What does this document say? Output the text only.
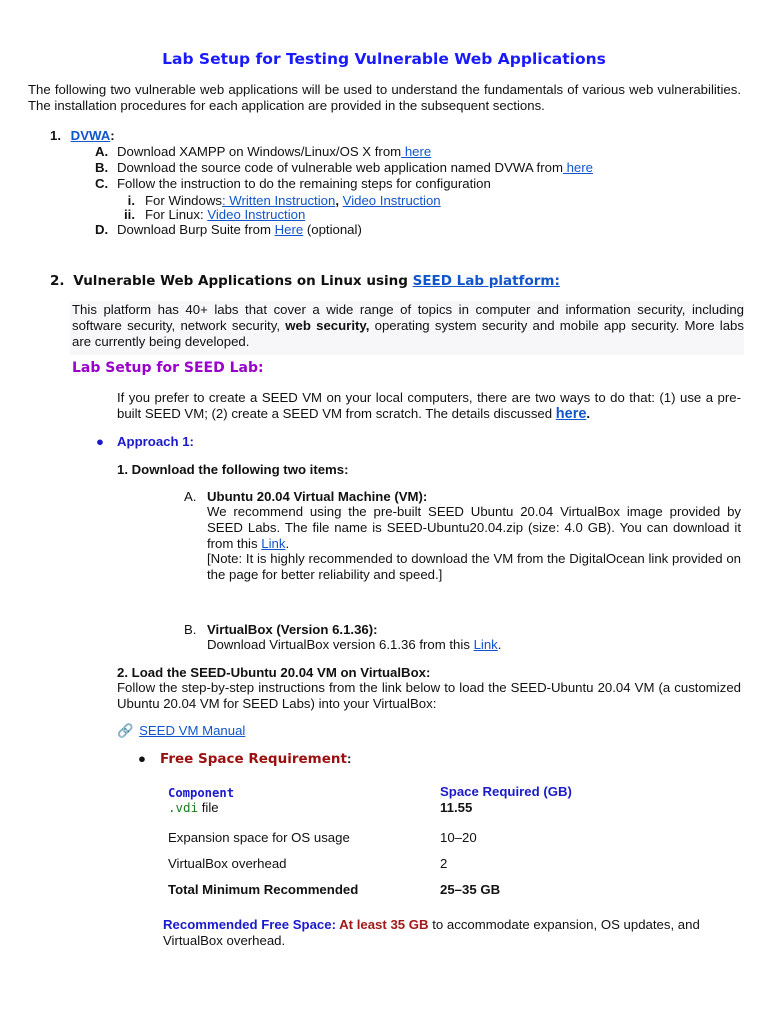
Lab Setup for Testing Vulnerable Web Applications
The following two vulnerable web applications will be used to understand the fundamentals of various web vulnerabilities. The installation procedures for each application are provided in the subsequent sections.
1. DVWA:
A. Download XAMPP on Windows/Linux/OS X from here
B. Download the source code of vulnerable web application named DVWA from here
C. Follow the instruction to do the remaining steps for configuration
i. For Windows: Written Instruction, Video Instruction
ii. For Linux: Video Instruction
D. Download Burp Suite from Here (optional)
2. Vulnerable Web Applications on Linux using SEED Lab platform:
This platform has 40+ labs that cover a wide range of topics in computer and information security, including software security, network security, web security, operating system security and mobile app security. More labs are currently being developed.
Lab Setup for SEED Lab:
If you prefer to create a SEED VM on your local computers, there are two ways to do that: (1) use a pre-built SEED VM; (2) create a SEED VM from scratch. The details discussed here.
● Approach 1:
1. Download the following two items:
A. Ubuntu 20.04 Virtual Machine (VM):
We recommend using the pre-built SEED Ubuntu 20.04 VirtualBox image provided by SEED Labs. The file name is SEED-Ubuntu20.04.zip (size: 4.0 GB). You can download it from this Link.
[Note: It is highly recommended to download the VM from the DigitalOcean link provided on the page for better reliability and speed.]
B. VirtualBox (Version 6.1.36):
Download VirtualBox version 6.1.36 from this Link.
2. Load the SEED-Ubuntu 20.04 VM on VirtualBox:
Follow the step-by-step instructions from the link below to load the SEED-Ubuntu 20.04 VM (a customized Ubuntu 20.04 VM for SEED Labs) into your VirtualBox:
🔗 SEED VM Manual
● Free Space Requirement:
Component	Space Required (GB)
.vdi file	11.55
Expansion space for OS usage	10–20
VirtualBox overhead	2
Total Minimum Recommended	25–35 GB
Recommended Free Space: At least 35 GB to accommodate expansion, OS updates, and VirtualBox overhead.
